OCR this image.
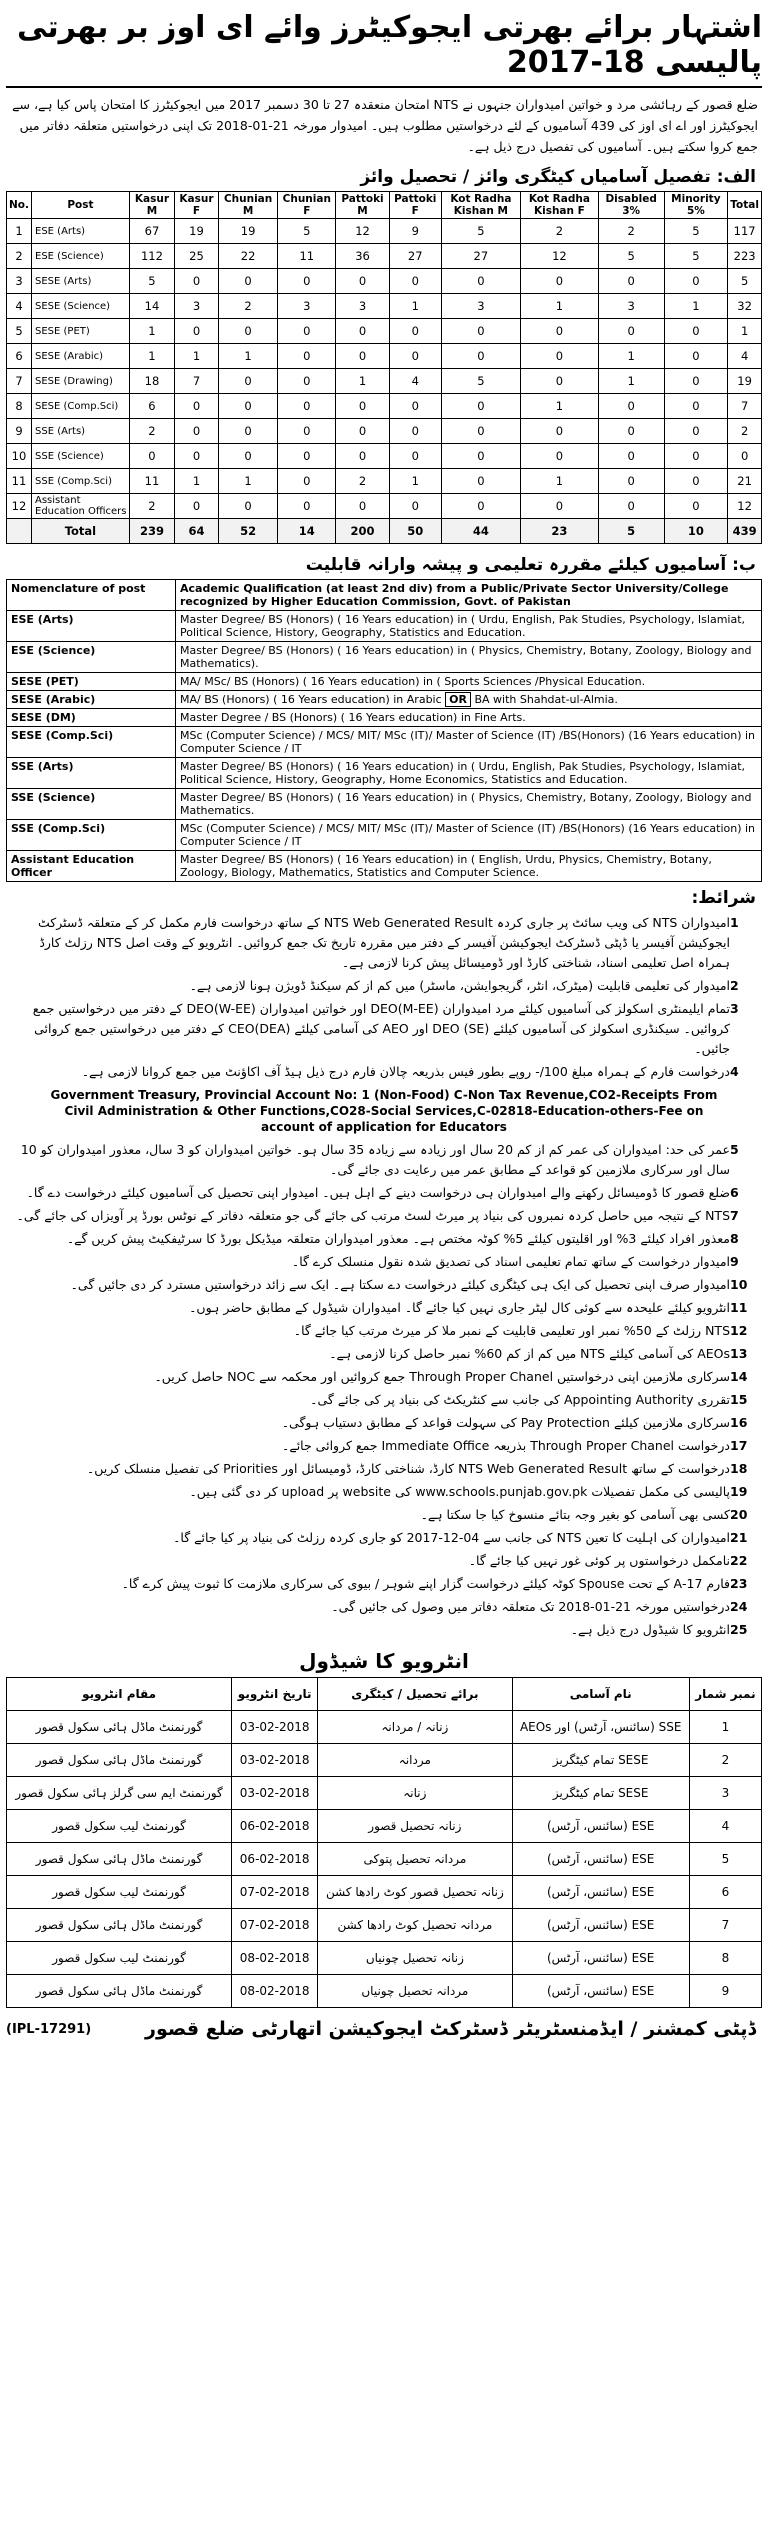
اشتہار برائے بھرتی ایجوکیٹرز وائے ای اوز بر بھرتی پالیسی 18-2017
ضلع قصور کے رہائشی مرد و خواتین امیدواران جنہوں نے NTS امتحان منعقدہ 27 تا 30 دسمبر 2017 میں ایجوکیٹرز کا امتحان پاس کیا ہے، سے ایجوکیٹرز اور اے ای اوز کی 439 آسامیوں کے لئے درخواستیں مطلوب ہیں۔ امیدوار مورخہ 21-01-2018 تک اپنی درخواستیں متعلقہ دفاتر میں جمع کروا سکتے ہیں۔ آسامیوں کی تفصیل درج ذیل ہے۔
الف: تفصیل آسامیاں کیٹگری وائز / تحصیل وائز
No.	Post	Kasur M	Kasur F	Chunian M	Chunian F	Pattoki M	Pattoki F	Kot Radha Kishan M	Kot Radha Kishan F	Disabled 3%	Minority 5%	Total
1	ESE (Arts)	67	19	19	5	12	9	5	2	2	5	117
2	ESE (Science)	112	25	22	11	36	27	27	12	5	5	223
3	SESE (Arts)	5	0	0	0	0	0	0	0	0	0	5
4	SESE (Science)	14	3	2	3	3	1	3	1	3	1	32
5	SESE (PET)	1	0	0	0	0	0	0	0	0	0	1
6	SESE (Arabic)	1	1	1	0	0	0	0	0	1	0	4
7	SESE (Drawing)	18	7	0	0	1	4	5	0	1	0	19
8	SESE (Comp.Sci)	6	0	0	0	0	0	0	1	0	0	7
9	SSE (Arts)	2	0	0	0	0	0	0	0	0	0	2
10	SSE (Science)	0	0	0	0	0	0	0	0	0	0	0
11	SSE (Comp.Sci)	11	1	1	0	2	1	0	1	0	0	21
12	Assistant Education Officers	2	0	0	0	0	0	0	0	0	0	12
	Total	239	64	52	14	200	50	44	23	5	10	439
ب: آسامیوں کیلئے مقررہ تعلیمی و پیشہ وارانہ قابلیت
Nomenclature of post	Academic Qualification (at least 2nd div) from a Public/Private Sector University/College recognized by Higher Education Commission, Govt. of Pakistan
ESE (Arts)	Master Degree/ BS (Honors) ( 16 Years education) in ( Urdu, English, Pak Studies, Psychology, Islamiat, Political Science, History, Geography, Statistics and Education.
ESE (Science)	Master Degree/ BS (Honors) ( 16 Years education) in ( Physics, Chemistry, Botany, Zoology, Biology and Mathematics).
SESE (PET)	MA/ MSc/ BS (Honors) ( 16 Years education) in ( Sports Sciences /Physical Education.
SESE (Arabic)	MA/ BS (Honors) ( 16 Years education) in Arabic OR BA with Shahdat-ul-Almia.
SESE (DM)	Master Degree / BS (Honors) ( 16 Years education) in Fine Arts.
SESE (Comp.Sci)	MSc (Computer Science) / MCS/ MIT/ MSc (IT)/ Master of Science (IT) /BS(Honors) (16 Years education) in Computer Science / IT
SSE (Arts)	Master Degree/ BS (Honors) ( 16 Years education) in ( Urdu, English, Pak Studies, Psychology, Islamiat, Political Science, History, Geography, Home Economics, Statistics and Education.
SSE (Science)	Master Degree/ BS (Honors) ( 16 Years education) in ( Physics, Chemistry, Botany, Zoology, Biology and Mathematics.
SSE (Comp.Sci)	MSc (Computer Science) / MCS/ MIT/ MSc (IT)/ Master of Science (IT) /BS(Honors) (16 Years education) in Computer Science / IT
Assistant Education Officer	Master Degree/ BS (Honors) ( 16 Years education) in ( English, Urdu, Physics, Chemistry, Botany, Zoology, Biology, Mathematics, Statistics and Computer Science.
شرائط:
1
امیدواران NTS کی ویب سائٹ پر جاری کردہ NTS Web Generated Result کے ساتھ درخواست فارم مکمل کر کے متعلقہ ڈسٹرکٹ ایجوکیشن آفیسر یا ڈپٹی ڈسٹرکٹ ایجوکیشن آفیسر کے دفتر میں مقررہ تاریخ تک جمع کروائیں۔ انٹرویو کے وقت اصل NTS رزلٹ کارڈ ہمراہ اصل تعلیمی اسناد، شناختی کارڈ اور ڈومیسائل پیش کرنا لازمی ہے۔
2
امیدوار کی تعلیمی قابلیت (میٹرک، انٹر، گریجوایشن، ماسٹر) میں کم از کم سیکنڈ ڈویژن ہونا لازمی ہے۔
3
تمام ایلیمنٹری اسکولز کی آسامیوں کیلئے مرد امیدواران DEO(M-EE) اور خواتین امیدواران DEO(W-EE) کے دفتر میں درخواستیں جمع کروائیں۔ سیکنڈری اسکولز کی آسامیوں کیلئے DEO (SE) اور AEO کی آسامی کیلئے CEO(DEA) کے دفتر میں درخواستیں جمع کروائی جائیں۔
4
درخواست فارم کے ہمراہ مبلغ 100/- روپے بطور فیس بذریعہ چالان فارم درج ذیل ہیڈ آف اکاؤنٹ میں جمع کروانا لازمی ہے۔
Government Treasury, Provincial Account No: 1 (Non-Food) C-Non Tax Revenue,CO2-Receipts From Civil Administration & Other Functions,CO28-Social Services,C-02818-Education-others-Fee on account of application for Educators
5
عمر کی حد: امیدواران کی عمر کم از کم 20 سال اور زیادہ سے زیادہ 35 سال ہو۔ خواتین امیدواران کو 3 سال، معذور امیدواران کو 10 سال اور سرکاری ملازمین کو قواعد کے مطابق عمر میں رعایت دی جائے گی۔
6
ضلع قصور کا ڈومیسائل رکھنے والے امیدواران ہی درخواست دینے کے اہل ہیں۔ امیدوار اپنی تحصیل کی آسامیوں کیلئے درخواست دے گا۔
7
NTS کے نتیجہ میں حاصل کردہ نمبروں کی بنیاد پر میرٹ لسٹ مرتب کی جائے گی جو متعلقہ دفاتر کے نوٹس بورڈ پر آویزاں کی جائے گی۔
8
معذور افراد کیلئے 3% اور اقلیتوں کیلئے 5% کوٹہ مختص ہے۔ معذور امیدواران متعلقہ میڈیکل بورڈ کا سرٹیفکیٹ پیش کریں گے۔
9
امیدوار درخواست کے ساتھ تمام تعلیمی اسناد کی تصدیق شدہ نقول منسلک کرے گا۔
10
امیدوار صرف اپنی تحصیل کی ایک ہی کیٹگری کیلئے درخواست دے سکتا ہے۔ ایک سے زائد درخواستیں مسترد کر دی جائیں گی۔
11
انٹرویو کیلئے علیحدہ سے کوئی کال لیٹر جاری نہیں کیا جائے گا۔ امیدواران شیڈول کے مطابق حاضر ہوں۔
12
NTS رزلٹ کے 50% نمبر اور تعلیمی قابلیت کے نمبر ملا کر میرٹ مرتب کیا جائے گا۔
13
AEOs کی آسامی کیلئے NTS میں کم از کم 60% نمبر حاصل کرنا لازمی ہے۔
14
سرکاری ملازمین اپنی درخواستیں Through Proper Chanel جمع کروائیں اور محکمہ سے NOC حاصل کریں۔
15
تقرری Appointing Authority کی جانب سے کنٹریکٹ کی بنیاد پر کی جائے گی۔
16
سرکاری ملازمین کیلئے Pay Protection کی سہولت قواعد کے مطابق دستیاب ہوگی۔
17
درخواست Through Proper Chanel بذریعہ Immediate Office جمع کروائی جائے۔
18
درخواست کے ساتھ NTS Web Generated Result کارڈ، شناختی کارڈ، ڈومیسائل اور Priorities کی تفصیل منسلک کریں۔
19
پالیسی کی مکمل تفصیلات www.schools.punjab.gov.pk کی website پر upload کر دی گئی ہیں۔
20
کسی بھی آسامی کو بغیر وجہ بتائے منسوخ کیا جا سکتا ہے۔
21
امیدواران کی اہلیت کا تعین NTS کی جانب سے 04-12-2017 کو جاری کردہ رزلٹ کی بنیاد پر کیا جائے گا۔
22
نامکمل درخواستوں پر کوئی غور نہیں کیا جائے گا۔
23
فارم 17-A کے تحت Spouse کوٹہ کیلئے درخواست گزار اپنے شوہر / بیوی کی سرکاری ملازمت کا ثبوت پیش کرے گا۔
24
درخواستیں مورخہ 21-01-2018 تک متعلقہ دفاتر میں وصول کی جائیں گی۔
25
انٹرویو کا شیڈول درج ذیل ہے۔
انٹرویو کا شیڈول
نمبر شمار	نام آسامی	برائے تحصیل / کیٹگری	تاریخ انٹرویو	مقام انٹرویو
1	SSE (سائنس، آرٹس) اور AEOs	زنانہ / مردانہ	03-02-2018	گورنمنٹ ماڈل ہائی سکول قصور
2	SESE تمام کیٹگریز	مردانہ	03-02-2018	گورنمنٹ ماڈل ہائی سکول قصور
3	SESE تمام کیٹگریز	زنانہ	03-02-2018	گورنمنٹ ایم سی گرلز ہائی سکول قصور
4	ESE (سائنس، آرٹس)	زنانہ تحصیل قصور	06-02-2018	گورنمنٹ لیب سکول قصور
5	ESE (سائنس، آرٹس)	مردانہ تحصیل پتوکی	06-02-2018	گورنمنٹ ماڈل ہائی سکول قصور
6	ESE (سائنس، آرٹس)	زنانہ تحصیل قصور کوٹ رادھا کشن	07-02-2018	گورنمنٹ لیب سکول قصور
7	ESE (سائنس، آرٹس)	مردانہ تحصیل کوٹ رادھا کشن	07-02-2018	گورنمنٹ ماڈل ہائی سکول قصور
8	ESE (سائنس، آرٹس)	زنانہ تحصیل چونیاں	08-02-2018	گورنمنٹ لیب سکول قصور
9	ESE (سائنس، آرٹس)	مردانہ تحصیل چونیاں	08-02-2018	گورنمنٹ ماڈل ہائی سکول قصور
(IPL-17291)	ڈپٹی کمشنر / ایڈمنسٹریٹر ڈسٹرکٹ ایجوکیشن اتھارٹی ضلع قصور
